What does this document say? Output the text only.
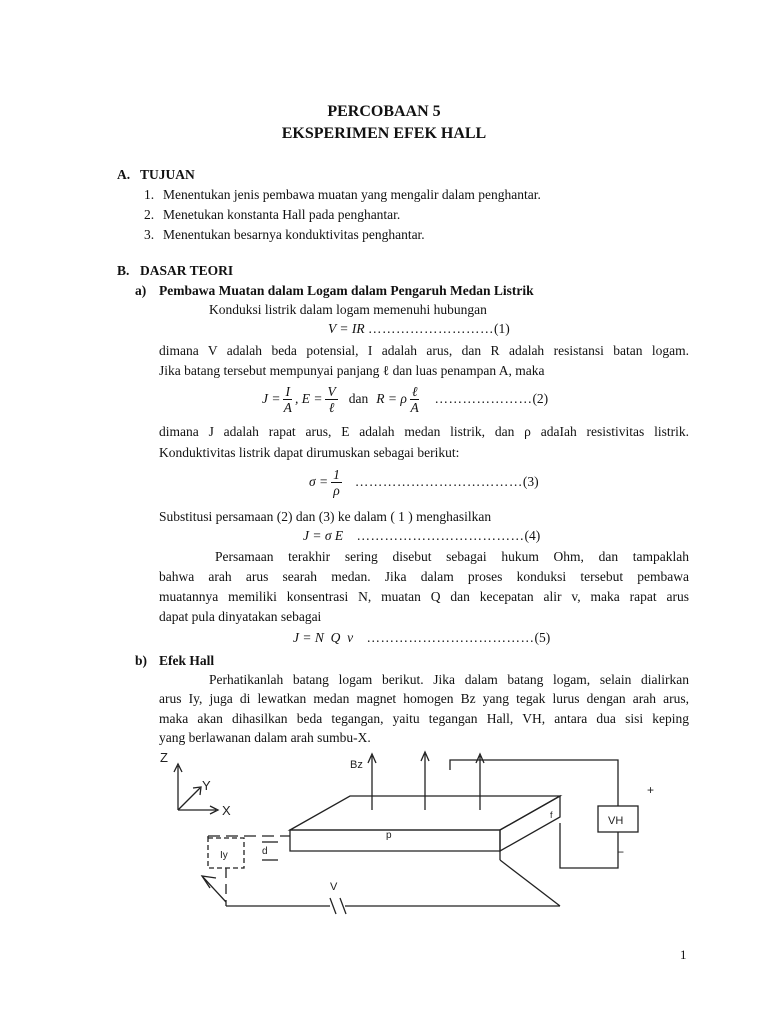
PERCOBAAN 5
EKSPERIMEN EFEK HALL
A. TUJUAN
1. Menentukan jenis pembawa muatan yang mengalir dalam penghantar.
2. Menetukan konstanta Hall pada penghantar.
3. Menentukan besarnya konduktivitas penghantar.
B. DASAR TEORI
a) Pembawa Muatan dalam Logam dalam Pengaruh Medan Listrik
Konduksi listrik dalam logam memenuhi hubungan
V = IR ………………………(1)
dimana V adalah beda potensial, I adalah arus, dan R adalah resistansi batan logam.
Jika batang tersebut mempunyai panjang ℓ dan luas penampan A, maka
$J = \frac{I}{A}$ , $E = \frac{V}{\text{ℓ}}$ dan R = ρ $\frac{\text{ℓ}}{A}$ ………………… (2)
dimana J adalah rapat arus, E adalah medan listrik, dan ρ adaIah resistivitas listrik.
Konduktivitas listrik dapat dirumuskan sebagai berikut:
$\sigma = \frac{1}{\rho}$ ……………………………… (3)
Substitusi persamaan (2) dan (3) ke dalam ( 1 ) menghasilkan
J = σ E ………………………………(4)
Persamaan terakhir sering disebut sebagai hukum Ohm, dan tampaklah
bahwa arah arus searah medan. Jika dalam proses konduksi tersebut pembawa
muatannya memiliki konsentrasi N, muatan Q dan kecepatan alir v, maka rapat arus
dapat pula dinyatakan sebagai
J = N  Q  v ………………………………(5)
b) Efek Hall
Perhatikanlah batang logam berikut. Jika dalam batang logam, selain dialirkan
arus Iy, juga di lewatkan medan magnet homogen Bz yang tegak lurus dengan arah arus,
maka akan dihasilkan beda tegangan, yaitu tegangan Hall, VH, antara dua sisi keping
yang berlawanan dalam arah sumbu-X.
Z
Y
X
p
f
Bz
Iy	d
V
VH
+
−
1
